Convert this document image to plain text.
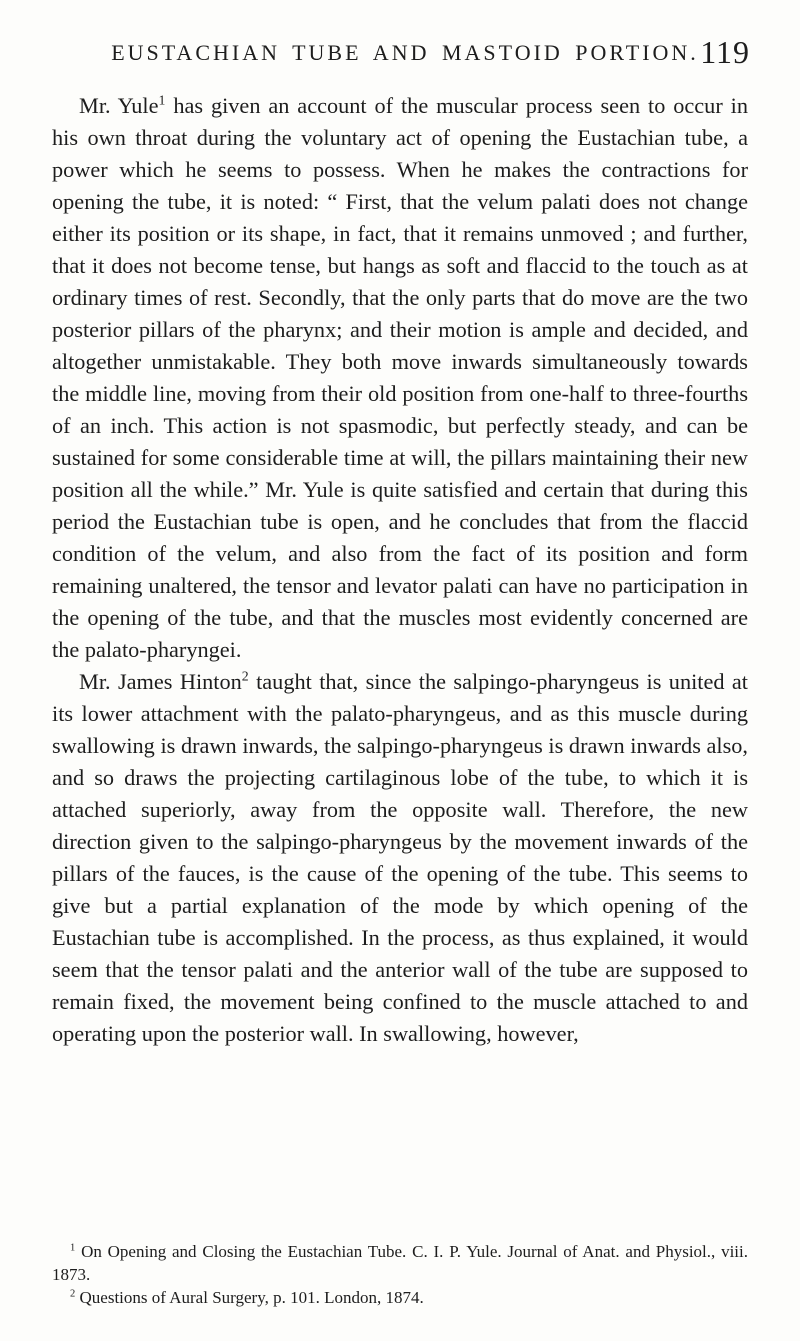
EUSTACHIAN TUBE AND MASTOID PORTION. 119

Mr. Yule$^1$ has given an account of the muscular process seen to occur in his own throat during the voluntary act of opening the Eustachian tube, a power which he seems to possess. When he makes the contractions for opening the tube, it is noted: “ First, that the velum palati does not change either its position or its shape, in fact, that it remains unmoved ; and further, that it does not become tense, but hangs as soft and flaccid to the touch as at ordinary times of rest. Secondly, that the only parts that do move are the two posterior pillars of the pharynx; and their motion is ample and decided, and altogether unmistakable. They both move inwards simultaneously towards the middle line, moving from their old position from one-half to three-fourths of an inch. This action is not spasmodic, but perfectly steady, and can be sustained for some considerable time at will, the pillars maintaining their new position all the while.” Mr. Yule is quite satisfied and certain that during this period the Eustachian tube is open, and he concludes that from the flaccid condition of the velum, and also from the fact of its position and form remaining unaltered, the tensor and levator palati can have no participation in the opening of the tube, and that the muscles most evidently concerned are the palato-pharyngei.

Mr. James Hinton$^2$ taught that, since the salpingo-pharyngeus is united at its lower attachment with the palato-pharyngeus, and as this muscle during swallowing is drawn inwards, the salpingo-pharyngeus is drawn inwards also, and so draws the projecting cartilaginous lobe of the tube, to which it is attached superiorly, away from the opposite wall. Therefore, the new direction given to the salpingo-pharyngeus by the movement inwards of the pillars of the fauces, is the cause of the opening of the tube. This seems to give but a partial explanation of the mode by which opening of the Eustachian tube is accomplished. In the process, as thus explained, it would seem that the tensor palati and the anterior wall of the tube are supposed to remain fixed, the movement being confined to the muscle attached to and operating upon the posterior wall. In swallowing, however,

$^1$ On Opening and Closing the Eustachian Tube. C. I. P. Yule. Journal of Anat. and Physiol., viii. 1873.

$^2$ Questions of Aural Surgery, p. 101. London, 1874.
